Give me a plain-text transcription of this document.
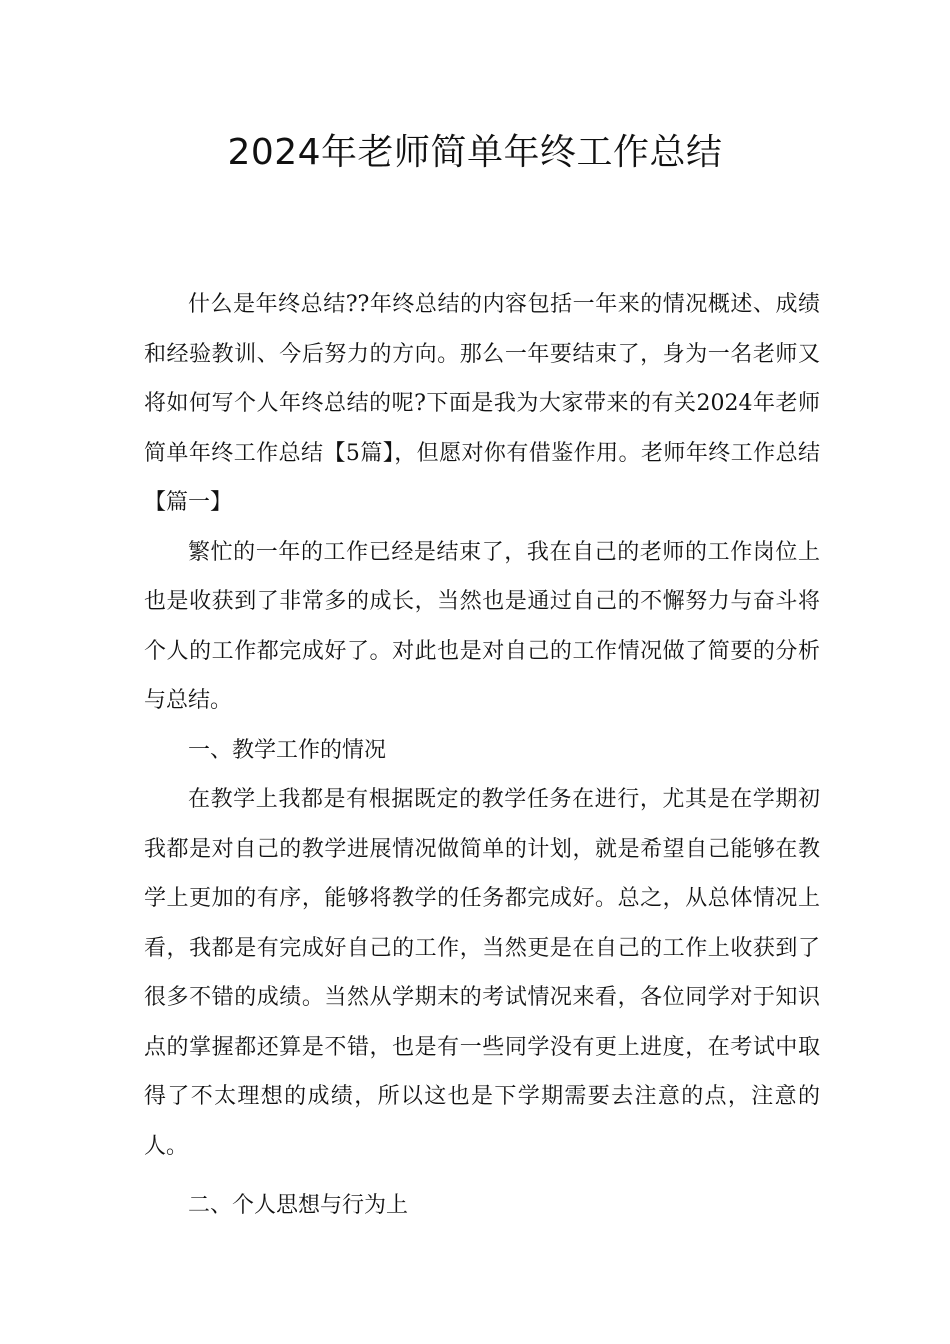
2024年老师简单年终工作总结

什么是年终总结??年终总结的内容包括一年来的情况概述、成绩和经验教训、今后努力的方向。那么一年要结束了，身为一名老师又将如何写个人年终总结的呢?下面是我为大家带来的有关2024年老师简单年终工作总结【5篇】，但愿对你有借鉴作用。老师年终工作总结【篇一】

繁忙的一年的工作已经是结束了，我在自己的老师的工作岗位上也是收获到了非常多的成长，当然也是通过自己的不懈努力与奋斗将个人的工作都完成好了。对此也是对自己的工作情况做了简要的分析与总结。

一、教学工作的情况

在教学上我都是有根据既定的教学任务在进行，尤其是在学期初我都是对自己的教学进展情况做简单的计划，就是希望自己能够在教学上更加的有序，能够将教学的任务都完成好。总之，从总体情况上看，我都是有完成好自己的工作，当然更是在自己的工作上收获到了很多不错的成绩。当然从学期末的考试情况来看，各位同学对于知识点的掌握都还算是不错，也是有一些同学没有更上进度，在考试中取得了不太理想的成绩，所以这也是下学期需要去注意的点，注意的人。

二、个人思想与行为上
